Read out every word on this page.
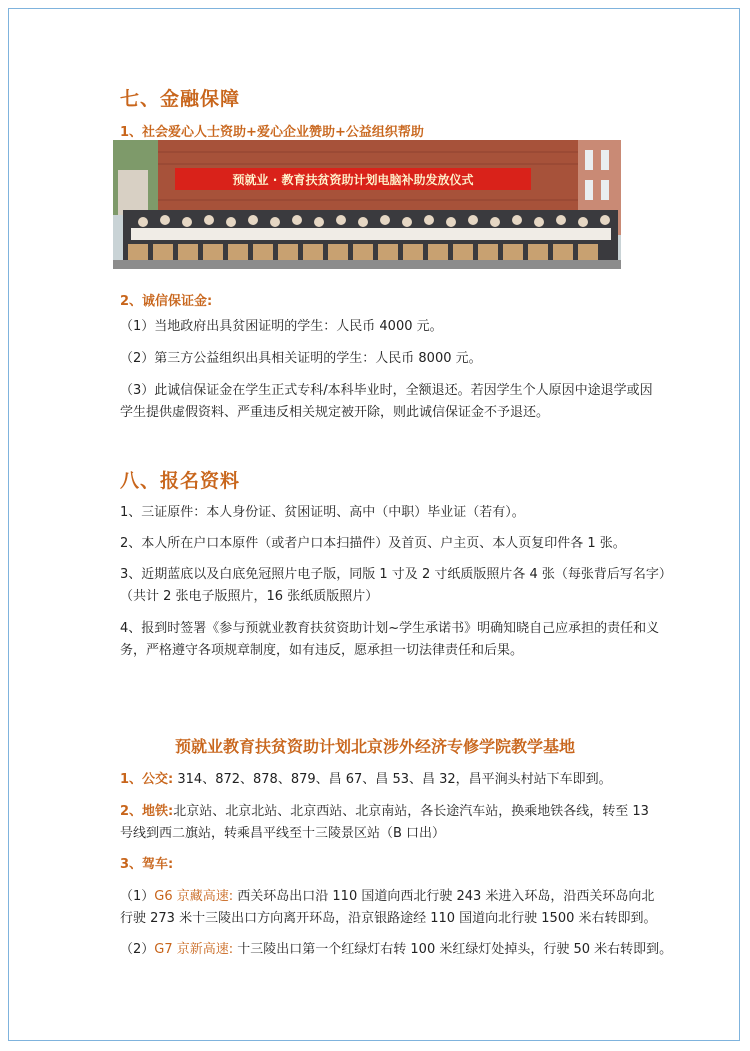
七、金融保障
1、社会爱心人士资助+爱心企业赞助+公益组织帮助
预就业 · 教育扶贫资助计划电脑补助发放仪式
2、诚信保证金:
（1）当地政府出具贫困证明的学生：人民币 4000 元。
（2）第三方公益组织出具相关证明的学生：人民币 8000 元。
（3）此诚信保证金在学生正式专科/本科毕业时，全额退还。若因学生个人原因中途退学或因
学生提供虚假资料、严重违反相关规定被开除，则此诚信保证金不予退还。
八、报名资料
1、三证原件：本人身份证、贫困证明、高中（中职）毕业证（若有）。
2、本人所在户口本原件（或者户口本扫描件）及首页、户主页、本人页复印件各 1 张。
3、近期蓝底以及白底免冠照片电子版，同版 1 寸及 2 寸纸质版照片各 4 张（每张背后写名字）
（共计 2 张电子版照片，16 张纸质版照片）
4、报到时签署《参与预就业教育扶贫资助计划~学生承诺书》明确知晓自己应承担的责任和义
务，严格遵守各项规章制度，如有违反，愿承担一切法律责任和后果。
预就业教育扶贫资助计划北京涉外经济专修学院教学基地
1、公交: 314、872、878、879、昌 67、昌 53、昌 32，昌平涧头村站下车即到。
2、地铁:北京站、北京北站、北京西站、北京南站，各长途汽车站，换乘地铁各线，转至 13
号线到西二旗站，转乘昌平线至十三陵景区站（B 口出）
3、驾车:
（1）G6 京藏高速: 西关环岛出口沿 110 国道向西北行驶 243 米进入环岛，沿西关环岛向北
行驶 273 米十三陵出口方向离开环岛，沿京银路途经 110 国道向北行驶 1500 米右转即到。
（2）G7 京新高速: 十三陵出口第一个红绿灯右转 100 米红绿灯处掉头，行驶 50 米右转即到。
